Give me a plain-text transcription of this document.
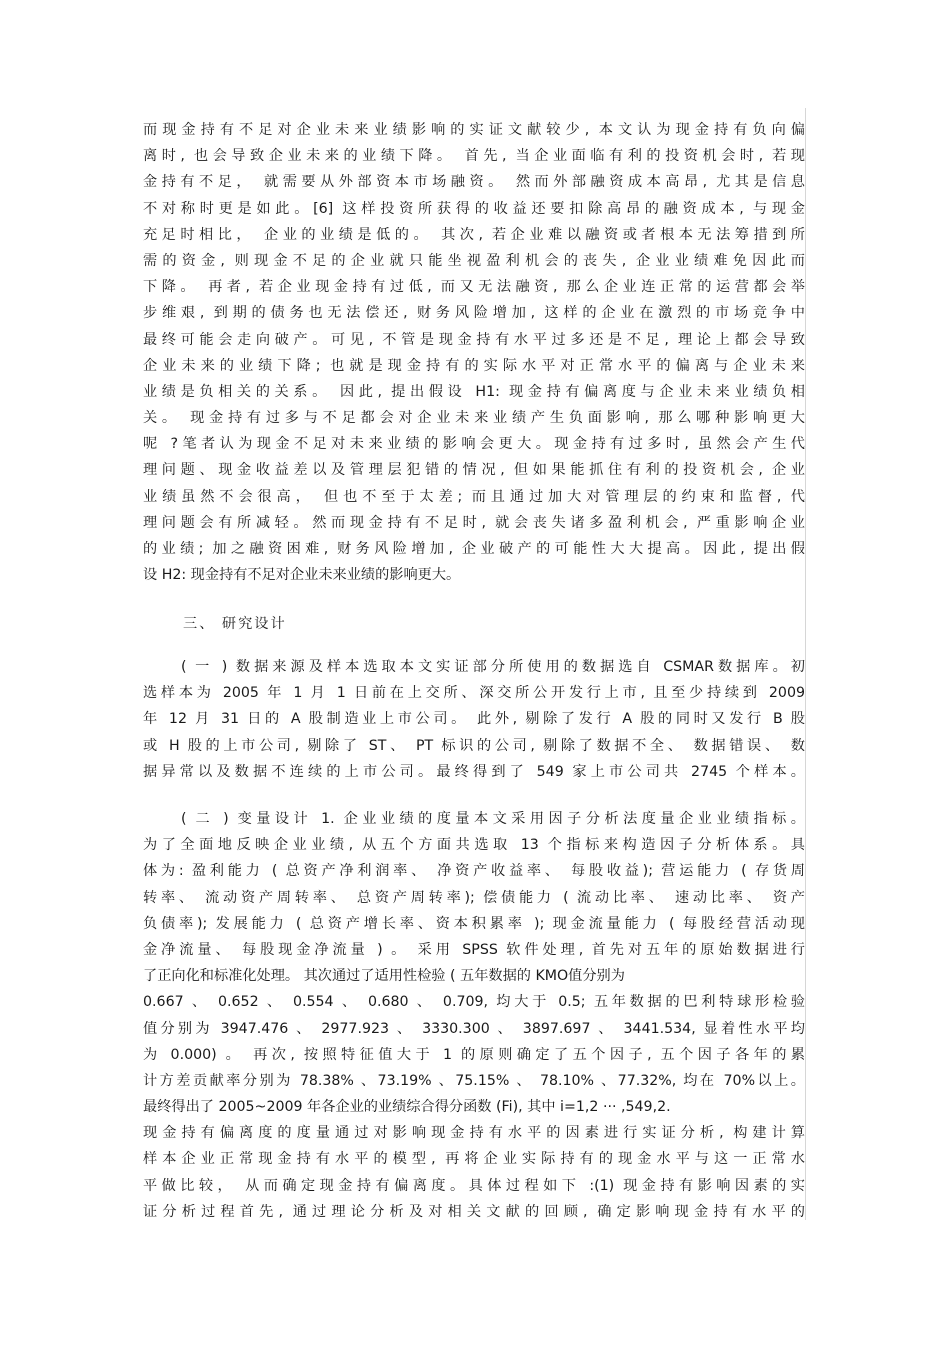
而现金持有不足对企业未来业绩影响的实证文献较少, 本文认为现金持有负向偏
离时, 也会导致企业未来的业绩下降。 首先, 当企业面临有利的投资机会时, 若现
金持有不足， 就需要从外部资本市场融资。 然而外部融资成本高昂, 尤其是信息
不对称时更是如此。[6] 这样投资所获得的收益还要扣除高昂的融资成本, 与现金
充足时相比， 企业的业绩是低的。 其次, 若企业难以融资或者根本无法筹措到所
需的资金, 则现金不足的企业就只能坐视盈利机会的丧失, 企业业绩难免因此而
下降。 再者, 若企业现金持有过低, 而又无法融资, 那么企业连正常的运营都会举
步维艰, 到期的债务也无法偿还, 财务风险增加, 这样的企业在激烈的市场竞争中
最终可能会走向破产。可见, 不管是现金持有水平过多还是不足, 理论上都会导致
企业未来的业绩下降; 也就是现金持有的实际水平对正常水平的偏离与企业未来
业绩是负相关的关系。 因此, 提出假设 H1: 现金持有偏离度与企业未来业绩负相
关。 现金持有过多与不足都会对企业未来业绩产生负面影响, 那么哪种影响更大
呢 ?笔者认为现金不足对未来业绩的影响会更大。现金持有过多时, 虽然会产生代
理问题、现金收益差以及管理层犯错的情况, 但如果能抓住有利的投资机会, 企业
业绩虽然不会很高， 但也不至于太差; 而且通过加大对管理层的约束和监督, 代
理问题会有所减轻。然而现金持有不足时, 就会丧失诸多盈利机会, 严重影响企业
的业绩; 加之融资困难, 财务风险增加, 企业破产的可能性大大提高。因此, 提出假
设 H2: 现金持有不足对企业未来业绩的影响更大。
三、 研究设计
( 一 ) 数据来源及样本选取本文实证部分所使用的数据选自 CSMAR数据库。初
选样本为 2005 年 1 月 1 日前在上交所、深交所公开发行上市, 且至少持续到 2009
年 12 月 31 日的 A 股制造业上市公司。 此外, 剔除了发行 A 股的同时又发行 B 股
或 H 股的上市公司, 剔除了 ST、 PT 标识的公司, 剔除了数据不全、 数据错误、 数
据异常以及数据不连续的上市公司。最终得到了 549 家上市公司共 2745 个样本。
( 二 ) 变量设计 1. 企业业绩的度量本文采用因子分析法度量企业业绩指标。
为了全面地反映企业业绩, 从五个方面共选取 13 个指标来构造因子分析体系。具
体为: 盈利能力 ( 总资产净利润率、 净资产收益率、 每股收益); 营运能力 ( 存货周
转率、 流动资产周转率、 总资产周转率); 偿债能力 ( 流动比率、 速动比率、 资产
负债率); 发展能力 ( 总资产增长率、资本积累率 ); 现金流量能力 ( 每股经营活动现
金净流量、 每股现金净流量 ) 。 采用 SPSS 软件处理, 首先对五年的原始数据进行
了正向化和标准化处理。 其次通过了适用性检验 ( 五年数据的 KMO值分别为
0.667 、 0.652 、 0.554 、 0.680 、 0.709, 均大于 0.5; 五年数据的巴利特球形检验
值分别为 3947.476 、 2977.923 、 3330.300 、 3897.697 、 3441.534, 显着性水平均
为 0.000) 。 再次, 按照特征值大于 1 的原则确定了五个因子, 五个因子各年的累
计方差贡献率分别为 78.38% 、73.19% 、75.15% 、 78.10% 、77.32%, 均在 70%以上。
最终得出了 2005~2009 年各企业的业绩综合得分函数 (Fi), 其中 i=1,2 ··· ,549,2.
现金持有偏离度的度量通过对影响现金持有水平的因素进行实证分析, 构建计算
样本企业正常现金持有水平的模型, 再将企业实际持有的现金水平与这一正常水
平做比较， 从而确定现金持有偏离度。具体过程如下 :(1) 现金持有影响因素的实
证分析过程首先, 通过理论分析及对相关文献的回顾, 确定影响现金持有水平的
